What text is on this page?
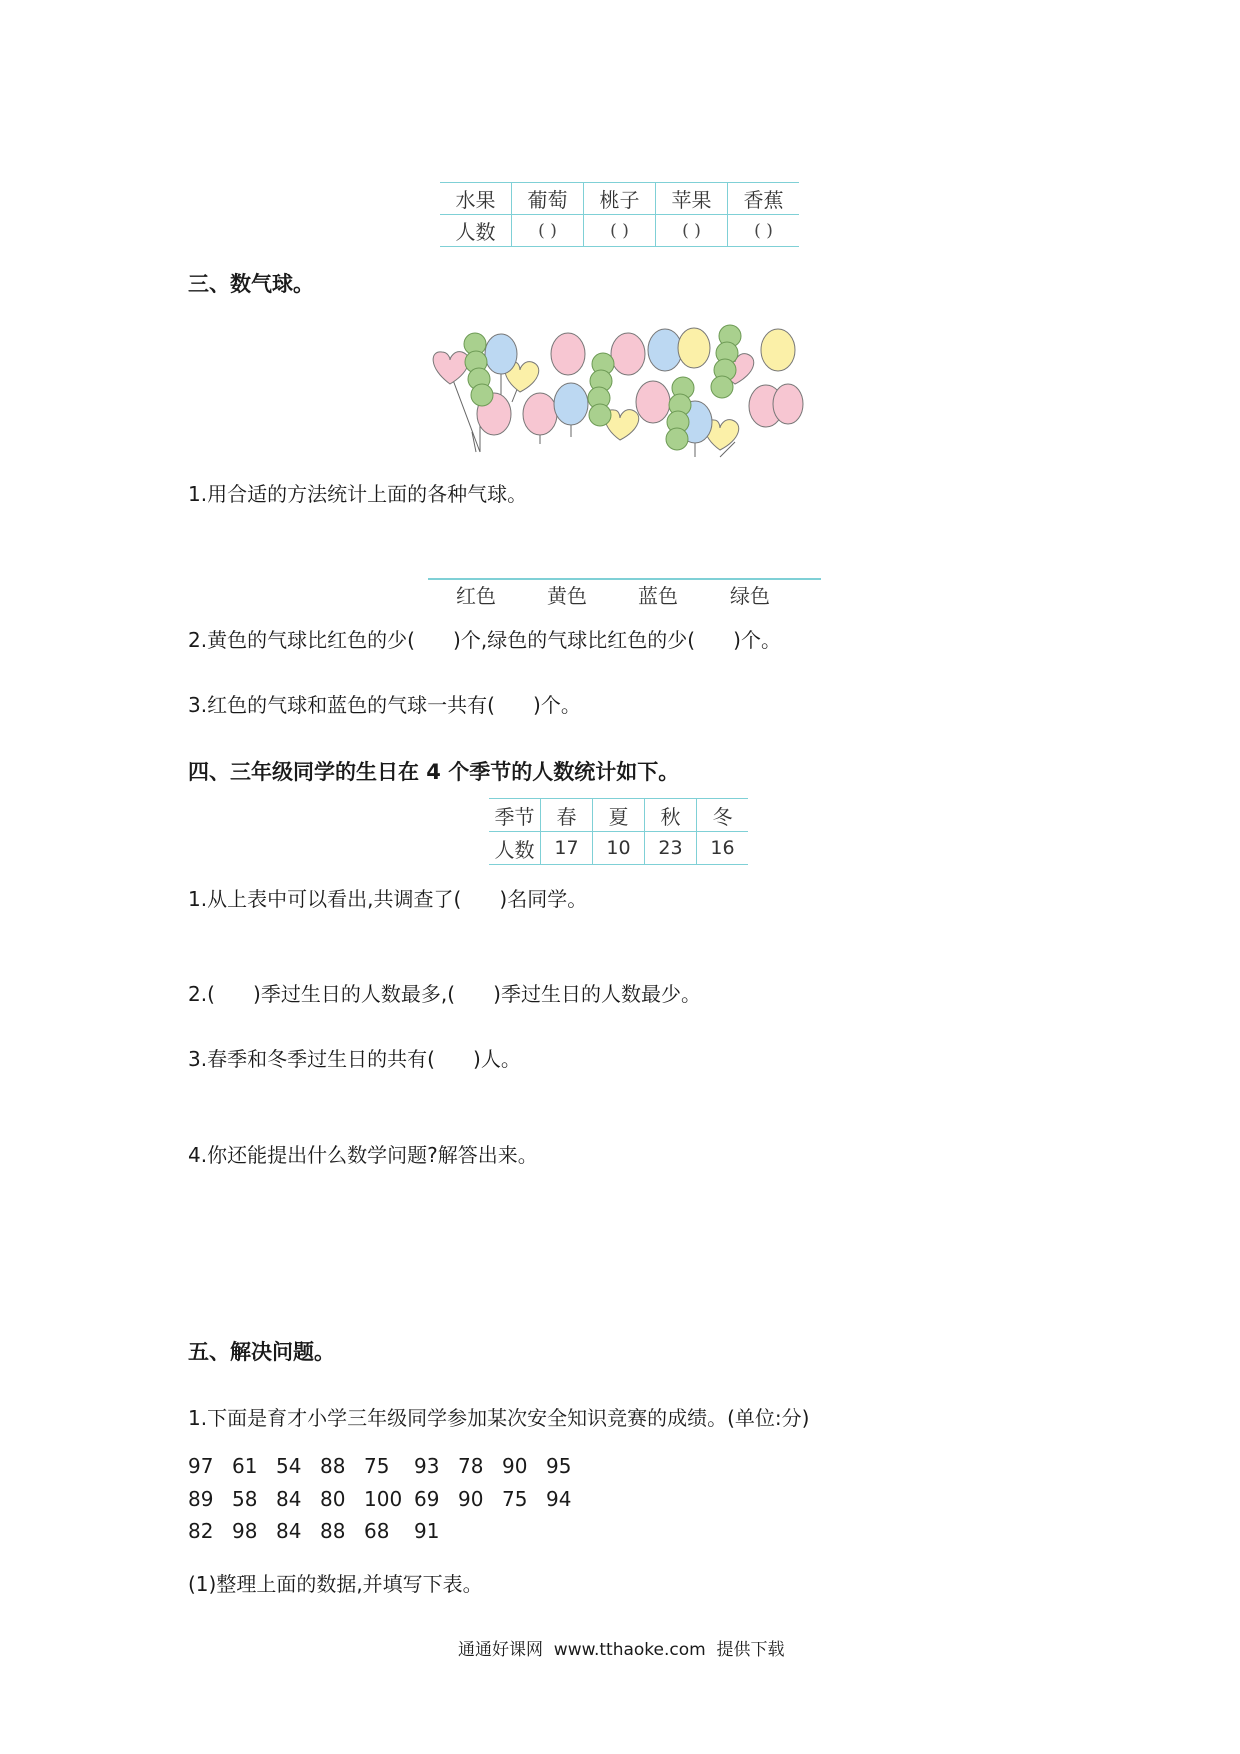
水果	葡萄	桃子	苹果	香蕉
人数	( )	( )	( )	( )
三、数气球。
1.用合适的方法统计上面的各种气球。
红色	黄色	蓝色	绿色
2.黄色的气球比红色的少(      )个,绿色的气球比红色的少(      )个。
3.红色的气球和蓝色的气球一共有(      )个。
四、三年级同学的生日在 4 个季节的人数统计如下。
季节	春	夏	秋	冬
人数	17	10	23	16
1.从上表中可以看出,共调查了(      )名同学。
2.(      )季过生日的人数最多,(      )季过生日的人数最少。
3.春季和冬季过生日的共有(      )人。
4.你还能提出什么数学问题?解答出来。
五、解决问题。
1.下面是育才小学三年级同学参加某次安全知识竞赛的成绩。(单位:分)
97 61 54 88 75 93 78 90 95
89 58 84 80 100 69 90 75 94
82 98 84 88 68 91
(1)整理上面的数据,并填写下表。
通通好课网  www.tthaoke.com  提供下载
